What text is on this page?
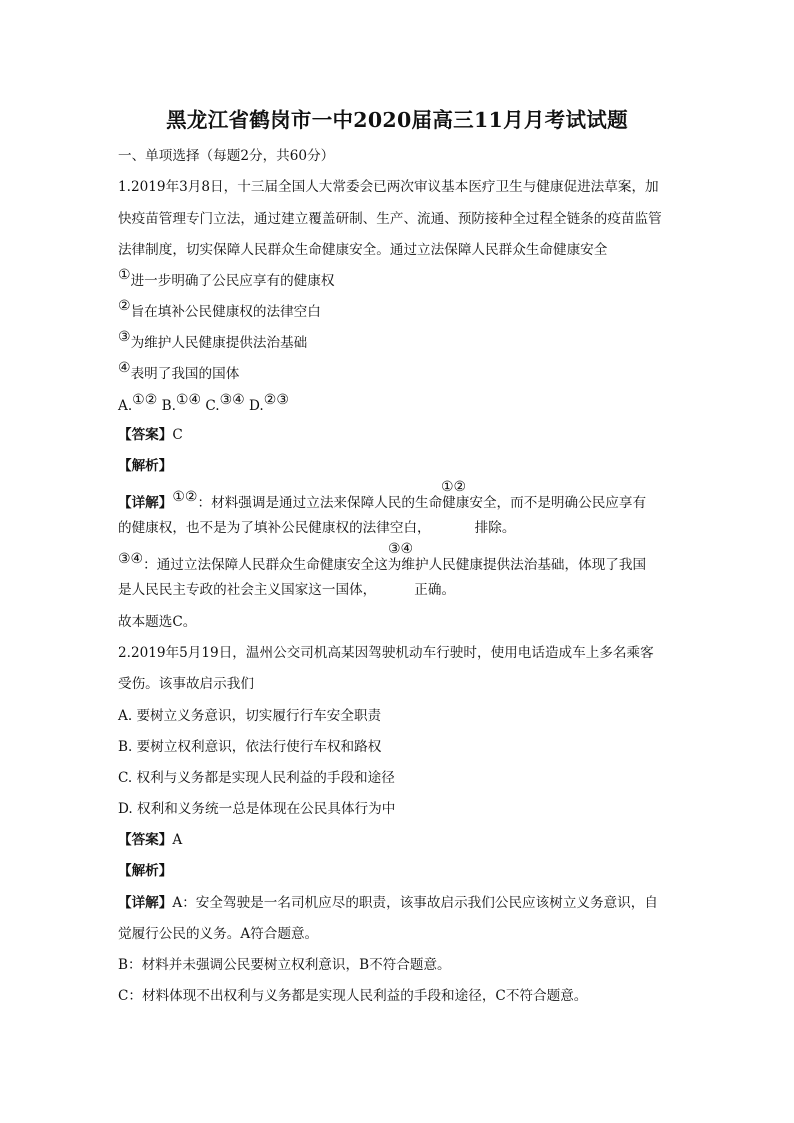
黑龙江省鹤岗市一中2020届高三11月月考试试题
一、单项选择（每题2分，共60分）
1.2019年3月8日，十三届全国人大常委会已两次审议基本医疗卫生与健康促进法草案，加
快疫苗管理专门立法，通过建立覆盖研制、生产、流通、预防接种全过程全链条的疫苗监管
法律制度，切实保障人民群众生命健康安全。通过立法保障人民群众生命健康安全
①进一步明确了公民应享有的健康权
②旨在填补公民健康权的法律空白
③为维护人民健康提供法治基础
④表明了我国的国体
A.①② B.①④ C.③④ D.②③
【答案】C
【解析】
【详解】①②：材料强调是通过立法来保障人民的生命健康安全，而不是明确公民应享有
①②
的健康权，也不是为了填补公民健康权的法律空白，	排除。
③④：通过立法保障人民群众生命健康安全这为维护人民健康提供法治基础，体现了我国
③④
是人民民主专政的社会主义国家这一国体，	正确。
故本题选C。
2.2019年5月19日，温州公交司机高某因驾驶机动车行驶时，使用电话造成车上多名乘客
受伤。该事故启示我们
A. 要树立义务意识，切实履行行车安全职责
B. 要树立权利意识，依法行使行车权和路权
C. 权利与义务都是实现人民利益的手段和途径
D. 权利和义务统一总是体现在公民具体行为中
【答案】A
【解析】
【详解】A：安全驾驶是一名司机应尽的职责，该事故启示我们公民应该树立义务意识，自
觉履行公民的义务。A符合题意。
B：材料并未强调公民要树立权利意识，B不符合题意。
C：材料体现不出权利与义务都是实现人民利益的手段和途径，C不符合题意。
